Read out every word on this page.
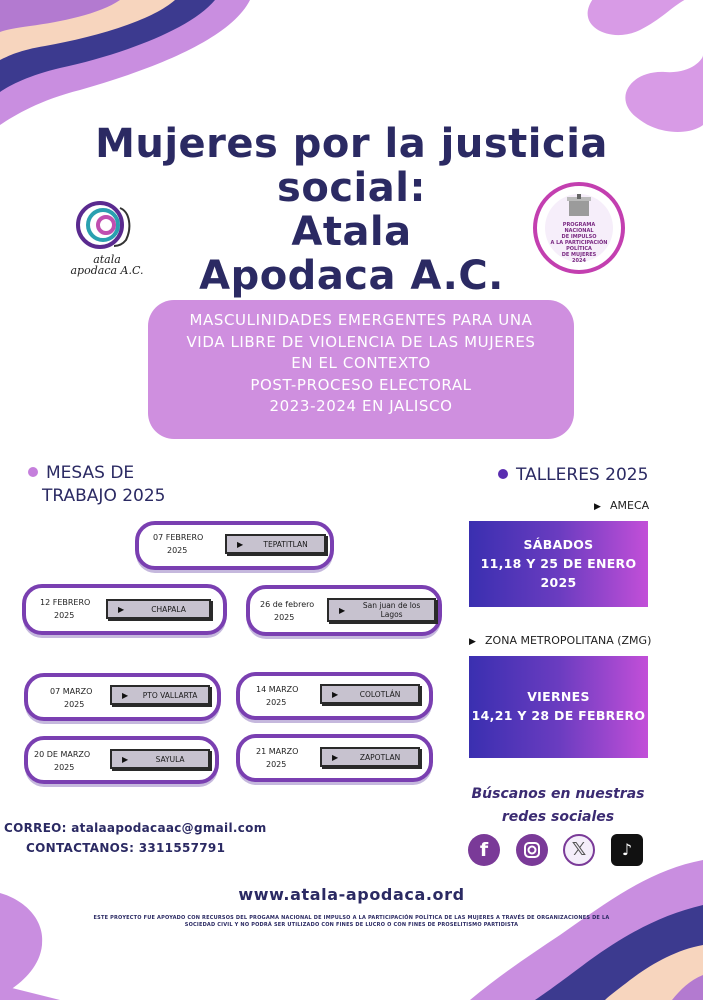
Mujeres por la justicia
social:
Atala
Apodaca A.C.
atala
apodaca A.C.
PROGRAMA
NACIONAL
DE IMPULSO
A LA PARTICIPACIÓN
POLÍTICA
DE MUJERES
2024
MASCULINIDADES EMERGENTES PARA UNA
VIDA LIBRE DE VIOLENCIA DE LAS MUJERES
EN EL CONTEXTO
POST-PROCESO ELECTORAL
2023-2024 EN JALISCO
MESAS DE
TRABAJO 2025
07 FEBRERO
2025
▶	TEPATITLAN
12 FEBRERO
2025
▶	CHAPALA	26 de febrero
2025
▶	San juan de los Lagos
07 MARZO
2025
▶	PTO VALLARTA
14 MARZO
2025
▶	COLOTLÁN
20 DE MARZO
2025
▶	SAYULA
21 MARZO
2025
▶	ZAPOTLAN
TALLERES 2025
▶ AMECA
SÁBADOS
11,18 Y 25 DE ENERO
2025
▶ ZONA METROPOLITANA (ZMG)
VIERNES
14,21 Y 28 DE FEBRERO
Búscanos en nuestras
redes sociales
f	𝕏	♪
CORREO: atalaapodacaac@gmail.com
CONTACTANOS: 3311557791
www.atala-apodaca.ord
ESTE PROYECTO FUE APOYADO CON RECURSOS DEL PROGAMA NACIONAL DE IMPULSO A LA PARTICIPACIÓN POLÍTICA DE LAS MUJERES A TRAVÉS DE ORGANIZACIONES DE LA
SOCIEDAD CIVIL Y NO PODRÁ SER UTILIZADO CON FINES DE LUCRO O CON FINES DE PROSELITISMO PARTIDISTA
